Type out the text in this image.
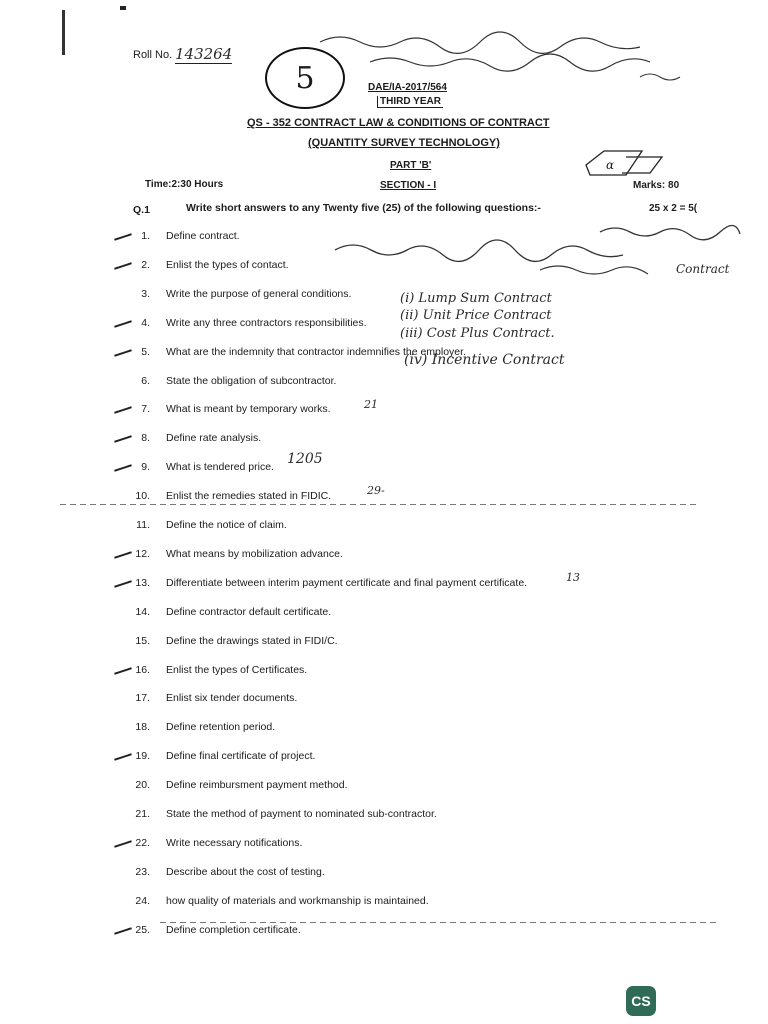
Roll No. 143264
5	DAE/IA-2017/564
THIRD YEAR
QS - 352 CONTRACT LAW & CONDITIONS OF CONTRACT
(QUANTITY SURVEY TECHNOLOGY)
PART 'B'	α
Time:2:30 Hours	SECTION - I	Marks: 80
Q.1	Write short answers to any Twenty five (25) of the following questions:-	25 x 2 = 5(
1. Define contract.
2. Enlist the types of contact.
3. Write the purpose of general conditions.
4. Write any three contractors responsibilities.
5. What are the indemnity that contractor indemnifies the employer.
6. State the obligation of subcontractor.
7. What is meant by temporary works.
8. Define rate analysis.
9. What is tendered price.
10. Enlist the remedies stated in FIDIC.
11. Define the notice of claim.
12. What means by mobilization advance.
13. Differentiate between interim payment certificate and final payment certificate.
14. Define contractor default certificate.
15. Define the drawings stated in FIDI/C.
16. Enlist the types of Certificates.
17. Enlist six tender documents.
18. Define retention period.
19. Define final certificate of project.
20. Define reimbursment payment method.
21. State the method of payment to nominated sub-contractor.
22. Write necessary notifications.
23. Describe about the cost of testing.
24. how quality of materials and workmanship is maintained.
25. Define completion certificate.
(i) Lump Sum Contract
(ii) Unit Price Contract
(iii) Cost Plus Contract.
(iv) Incentive Contract
Contract
1205
21
29-
13
CS
